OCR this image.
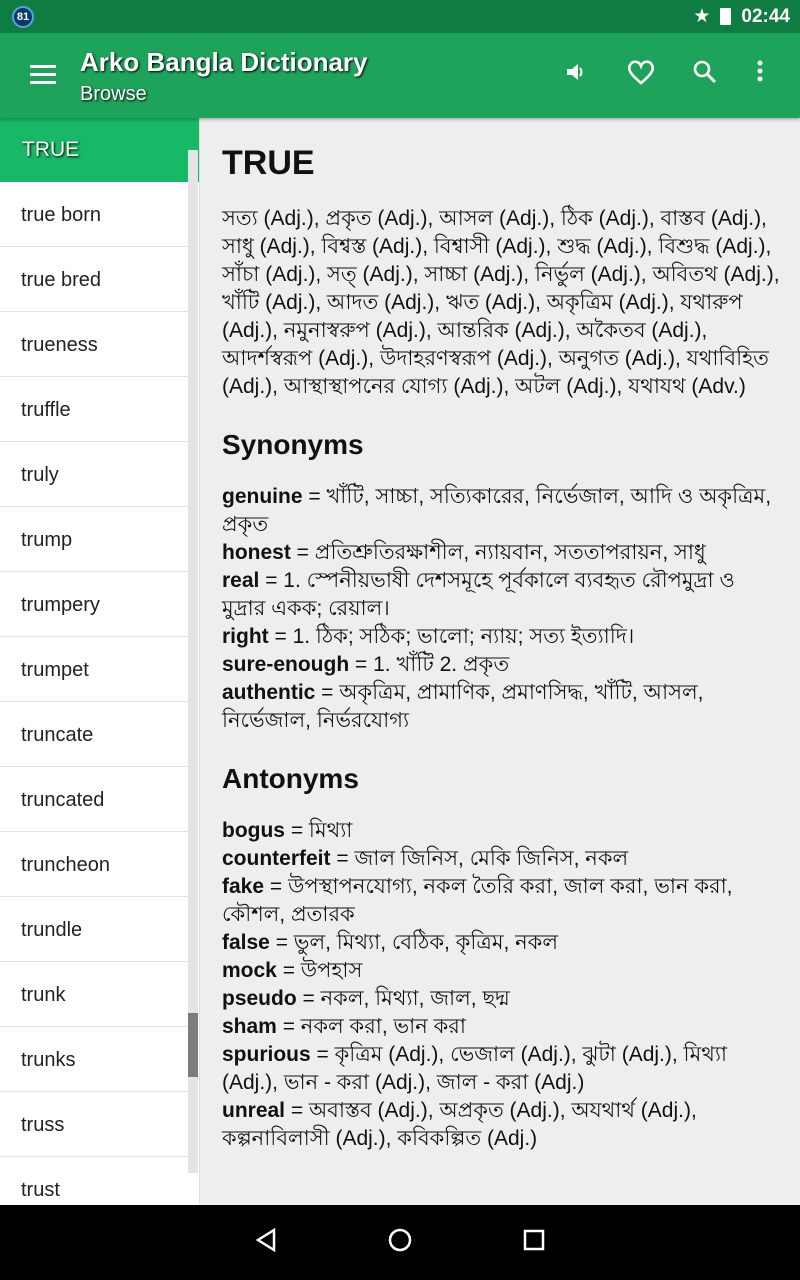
81	★ 02:44
Arko Bangla Dictionary
Browse
TRUE
true born
true bred
trueness
truffle
truly
trump
trumpery
trumpet
truncate
truncated
truncheon
trundle
trunk
trunks
truss
trust
TRUE
সত্য (Adj.), প্রকৃত (Adj.), আসল (Adj.), ঠিক (Adj.), বাস্তব (Adj.), সাধু (Adj.), বিশ্বস্ত (Adj.), বিশ্বাসী (Adj.), শুদ্ধ (Adj.), বিশুদ্ধ (Adj.), সাঁচা (Adj.), সত্ (Adj.), সাচ্চা (Adj.), নির্ভুল (Adj.), অবিতথ (Adj.), খাঁটি (Adj.), আদত (Adj.), ঋত (Adj.), অকৃত্রিম (Adj.), যথারুপ (Adj.), নমুনাস্বরুপ (Adj.), আন্তরিক (Adj.), অকৈতব (Adj.), আদর্শস্বরূপ (Adj.), উদাহরণস্বরূপ (Adj.), অনুগত (Adj.), যথাবিহিত (Adj.), আস্থাস্থাপনের যোগ্য (Adj.), অটল (Adj.), যথাযথ (Adv.)
Synonyms
genuine = খাঁটি, সাচ্চা, সত্যিকারের, নির্ভেজাল, আদি ও অকৃত্রিম, প্রকৃত
honest = প্রতিশ্রুতিরক্ষাশীল, ন্যায়বান, সততাপরায়ন, সাধু
real = 1. স্পেনীয়ভাষী দেশসমূহে পূর্বকালে ব্যবহৃত রৌপমুদ্রা ও মুদ্রার একক; রেয়াল।
right = 1. ঠিক; সঠিক; ভালো; ন্যায়; সত্য ইত্যাদি।
sure-enough = 1. খাঁটি 2. প্রকৃত
authentic = অকৃত্রিম, প্রামাণিক, প্রমাণসিদ্ধ, খাঁটি, আসল, নির্ভেজাল, নির্ভরযোগ্য
Antonyms
bogus = মিথ্যা
counterfeit = জাল জিনিস, মেকি জিনিস, নকল
fake = উপস্থাপনযোগ্য, নকল তৈরি করা, জাল করা, ভান করা, কৌশল, প্রতারক
false = ভুল, মিথ্যা, বেঠিক, কৃত্রিম, নকল
mock = উপহাস
pseudo = নকল, মিথ্যা, জাল, ছদ্ম
sham = নকল করা, ভান করা
spurious = কৃত্রিম (Adj.), ভেজাল (Adj.), ঝুটা (Adj.), মিথ্যা (Adj.), ভান - করা (Adj.), জাল - করা (Adj.)
unreal = অবাস্তব (Adj.), অপ্রকৃত (Adj.), অযথার্থ (Adj.), কল্পনাবিলাসী (Adj.), কবিকল্পিত (Adj.)
